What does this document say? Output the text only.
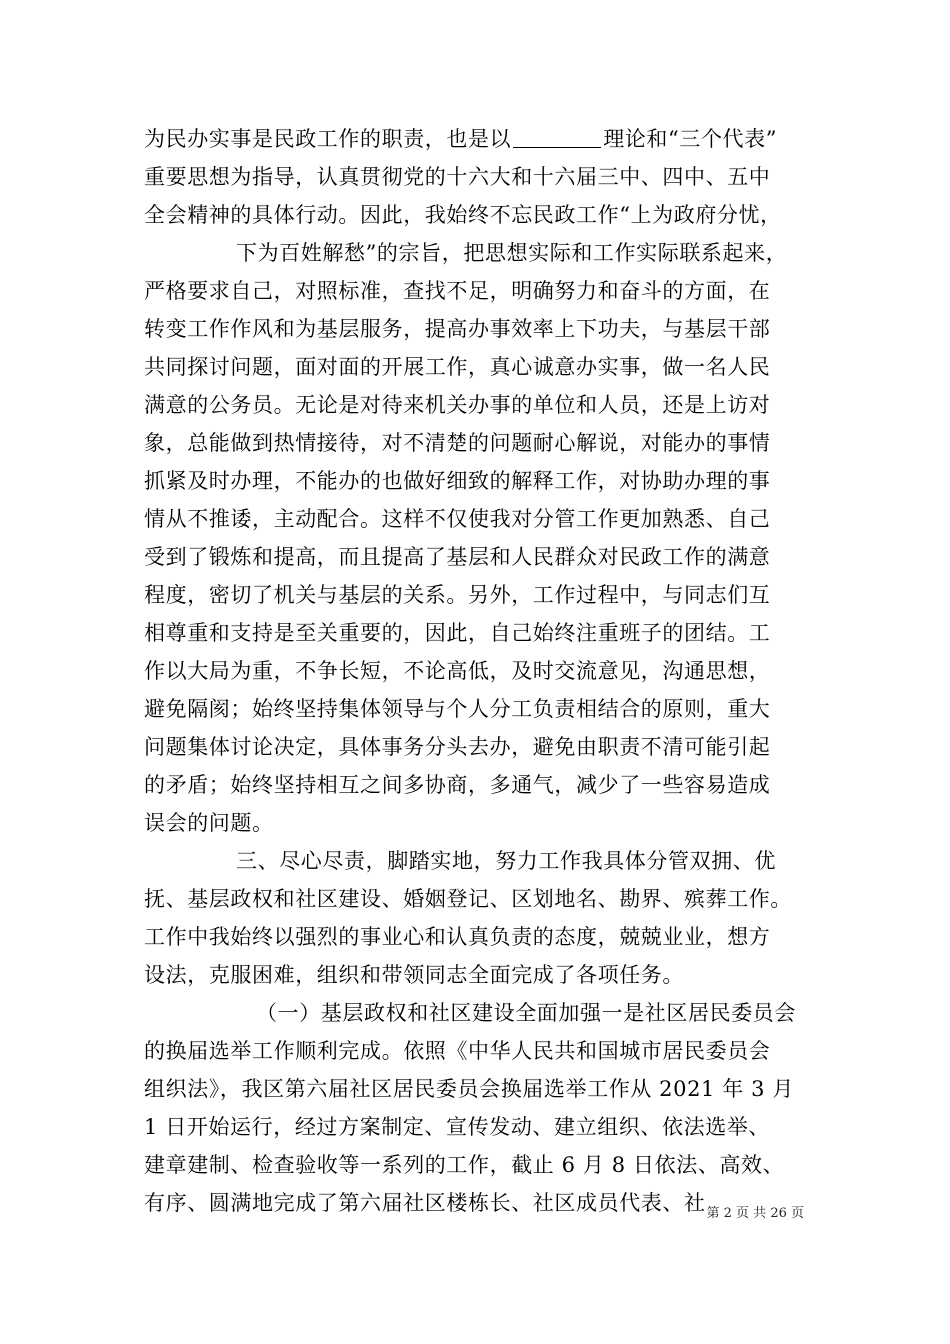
为民办实事是民政工作的职责，也是以	理论和“三个代表”
重要思想为指导，认真贯彻党的十六大和十六届三中、四中、五中
全会精神的具体行动。因此，我始终不忘民政工作“上为政府分忧，
下为百姓解愁”的宗旨，把思想实际和工作实际联系起来，
严格要求自己，对照标准，查找不足，明确努力和奋斗的方面，在
转变工作作风和为基层服务，提高办事效率上下功夫，与基层干部
共同探讨问题，面对面的开展工作，真心诚意办实事，做一名人民
满意的公务员。无论是对待来机关办事的单位和人员，还是上访对
象，总能做到热情接待，对不清楚的问题耐心解说，对能办的事情
抓紧及时办理，不能办的也做好细致的解释工作，对协助办理的事
情从不推诿，主动配合。这样不仅使我对分管工作更加熟悉、自己
受到了锻炼和提高，而且提高了基层和人民群众对民政工作的满意
程度，密切了机关与基层的关系。另外，工作过程中，与同志们互
相尊重和支持是至关重要的，因此，自己始终注重班子的团结。工
作以大局为重，不争长短，不论高低，及时交流意见，沟通思想，
避免隔阂；始终坚持集体领导与个人分工负责相结合的原则，重大
问题集体讨论决定，具体事务分头去办，避免由职责不清可能引起
的矛盾；始终坚持相互之间多协商，多通气，减少了一些容易造成
误会的问题。
三、尽心尽责，脚踏实地，努力工作我具体分管双拥、优
抚、基层政权和社区建设、婚姻登记、区划地名、勘界、殡葬工作。
工作中我始终以强烈的事业心和认真负责的态度，兢兢业业，想方
设法，克服困难，组织和带领同志全面完成了各项任务。
（一）基层政权和社区建设全面加强一是社区居民委员会
的换届选举工作顺利完成。依照《中华人民共和国城市居民委员会
组织法》，我区第六届社区居民委员会换届选举工作从 2021 年 3 月
1 日开始运行，经过方案制定、宣传发动、建立组织、依法选举、
建章建制、检查验收等一系列的工作，截止 6 月 8 日依法、高效、
有序、圆满地完成了第六届社区楼栋长、社区成员代表、社 第 2 页 共 26 页
